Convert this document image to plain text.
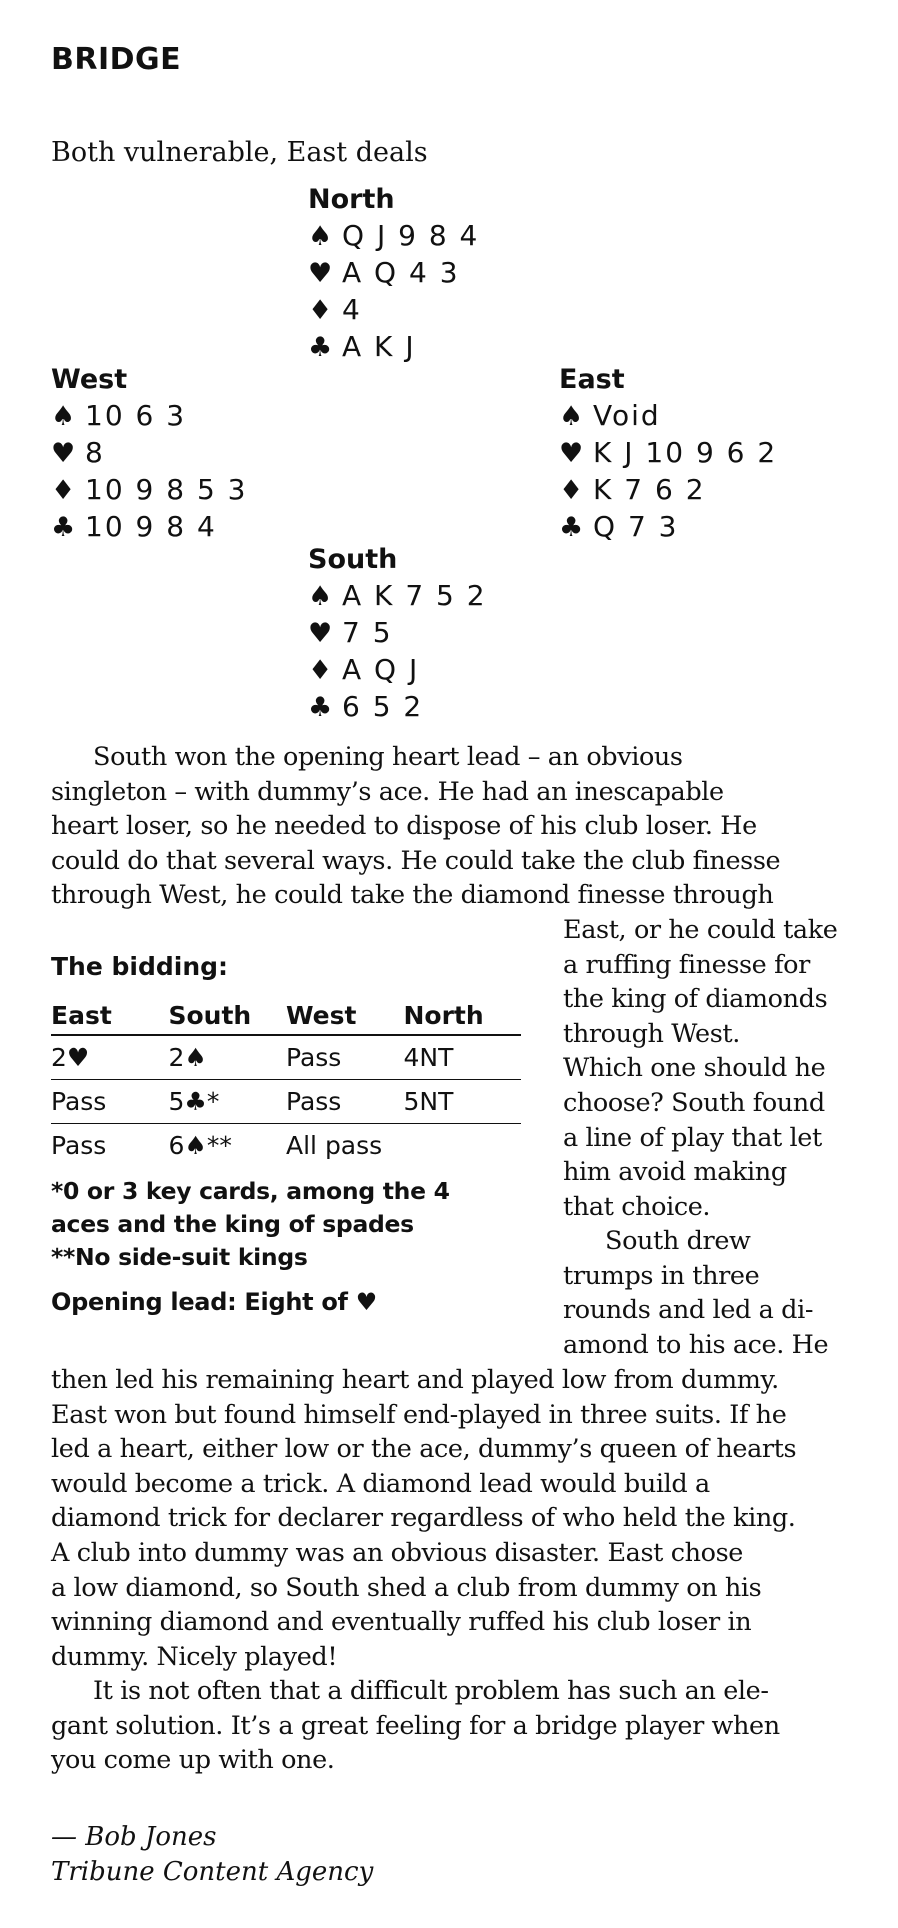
BRIDGE
Both vulnerable, East deals
North
♠ Q J 9 8 4
♥ A Q 4 3
♦ 4
♣ A K J
West
♠ 10 6 3
♥ 8
♦ 10 9 8 5 3
♣ 10 9 8 4
East
♠ Void
♥ K J 10 9 6 2
♦ K 7 6 2
♣ Q 7 3
South
♠ A K 7 5 2
♥ 7 5
♦ A Q J
♣ 6 5 2
South won the opening heart lead – an obvious
singleton – with dummy’s ace. He had an inescapable
heart loser, so he needed to dispose of his club loser. He
could do that several ways. He could take the club finesse
through West, he could take the diamond finesse through
East, or he could take
a ruffing finesse for
the king of diamonds
through West.
Which one should he
choose? South found
a line of play that let
him avoid making
that choice.
South drew
trumps in three
rounds and led a di-
amond to his ace. He
The bidding:
East	South	West	North
2♥	2♠	Pass	4NT
Pass	5♣*	Pass	5NT
Pass	6♠**	All pass	
*0 or 3 key cards, among the 4
aces and the king of spades
**No side-suit kings
Opening lead: Eight of ♥
then led his remaining heart and played low from dummy.
East won but found himself end-played in three suits. If he
led a heart, either low or the ace, dummy’s queen of hearts
would become a trick. A diamond lead would build a
diamond trick for declarer regardless of who held the king.
A club into dummy was an obvious disaster. East chose
a low diamond, so South shed a club from dummy on his
winning diamond and eventually ruffed his club loser in
dummy. Nicely played!
It is not often that a difficult problem has such an ele-
gant solution. It’s a great feeling for a bridge player when
you come up with one.
— Bob Jones
Tribune Content Agency
